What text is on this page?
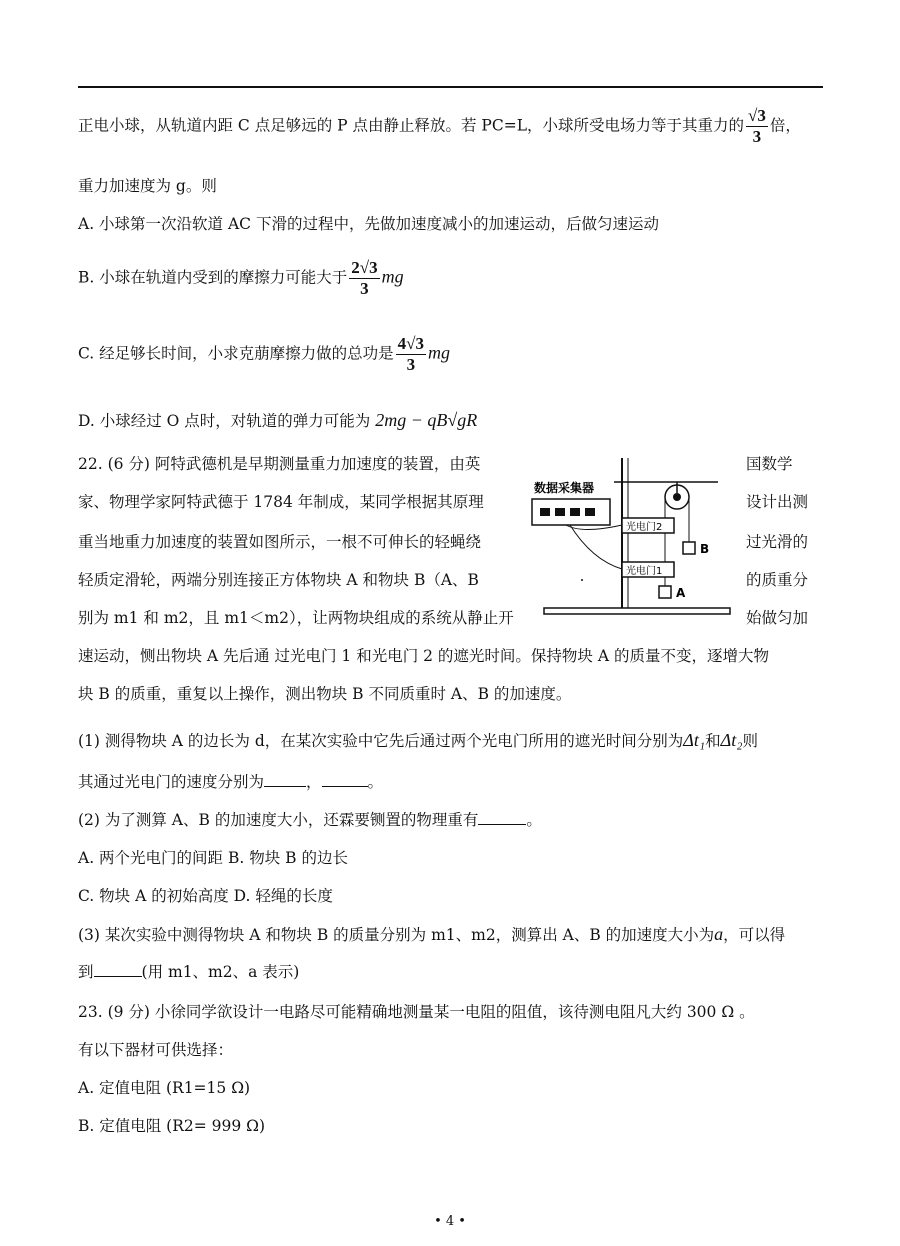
正电小球，从轨道内距 C 点足够远的 P 点由静止释放。若 PC=L，小球所受电场力等于其重力的 $\frac{√3}{3}$ 倍，
重力加速度为 g。则
A. 小球第一次沿软道 AC 下滑的过程中，先做加速度减小的加速运动，后做匀速运动
B. 小球在轨道内受到的摩擦力可能大于 $\frac{2√3}{3}$ mg
C. 经足够长时间，小求克萠摩擦力做的总功是 $\frac{4√3}{3}$ mg
D. 小球经过 O 点时，对轨道的弹力可能为 2mg − qB√gR
22. (6 分) 阿特武德机是早期测量重力加速度的装置，由英	国数学
家、物理学家阿特武德于 1784 年制成，某同学根据其原理	设计出测
重当地重力加速度的装置如图所示，一根不可伸长的轻蝇绕	过光滑的
轻质定滑轮，两端分别连接正方体物块 A 和物块 B（A、B	的质重分
别为 m1 和 m2，且 m1＜m2），让两物块组成的系统从静止开	始做匀加
速运动，恻出物块 A 先后通 过光电门 1 和光电门 2 的遮光时间。保持物块 A 的质量不变，逐增大物
块 B 的质重，重复以上操作，测出物块 B 不同质重时 A、B 的加速度。
数据采集器
B
A
光电门2
光电门1
(1) 测得物块 A 的边长为 d，在某次实验中它先后通过两个光电门所用的遮光时间分别为Δt₁和Δt₂则
其通过光电门的速度分别为	，	。
(2) 为了测算 A、B 的加速度大小，还霖要铡置的物理重有	。
A. 两个光电门的间距 B. 物块 B 的边长
C. 物块 A 的初始高度 D. 轻绳的长度
(3) 某次实验中测得物块 A 和物块 B 的质量分别为 m1、m2，测算出 A、B 的加速度大小为a，可以得
到	(用 m1、m2、a 表示)
23. (9 分) 小徐同学欲设计一电路尽可能精确地测量某一电阻的阻值，该待测电阻凡大约 300 Ω 。
有以下器材可供选择：
A. 定值电阻 (R1=15 Ω)
B. 定值电阻 (R2= 999 Ω)
• 4 •
